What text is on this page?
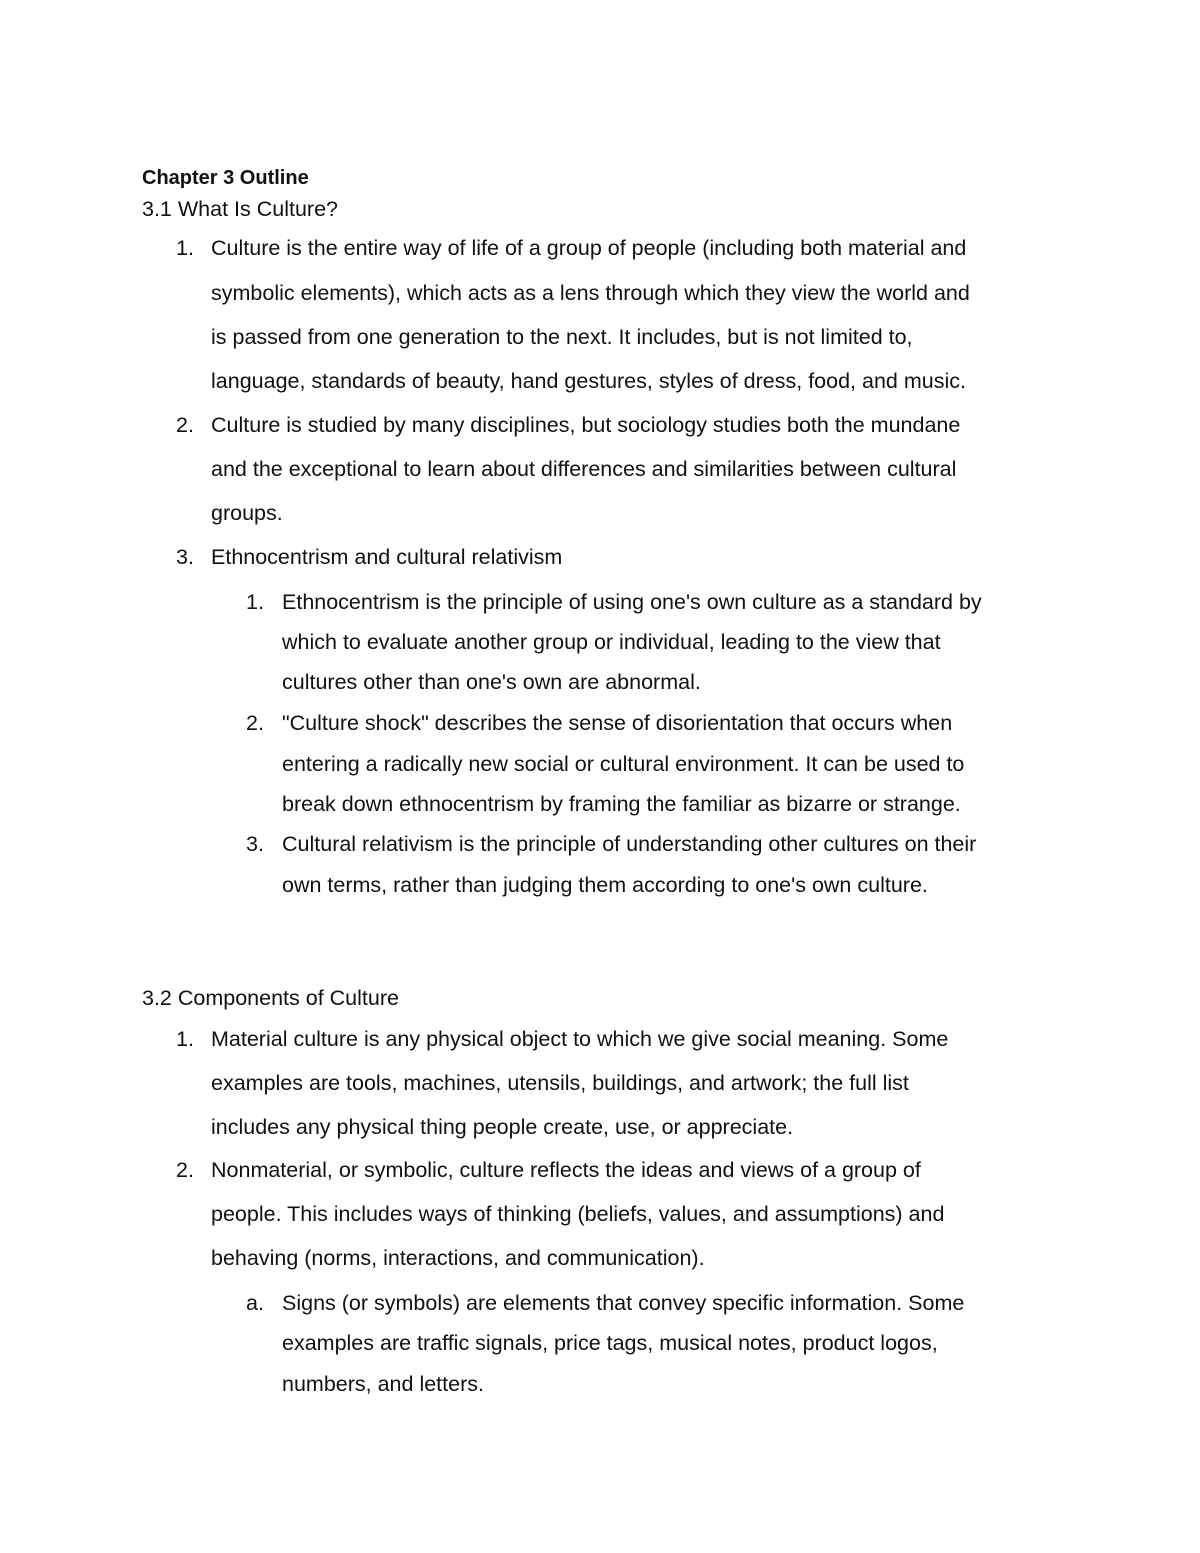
Chapter 3 Outline
3.1 What Is Culture?
1. Culture is the entire way of life of a group of people (including both material and
symbolic elements), which acts as a lens through which they view the world and
is passed from one generation to the next. It includes, but is not limited to,
language, standards of beauty, hand gestures, styles of dress, food, and music.
2. Culture is studied by many disciplines, but sociology studies both the mundane
and the exceptional to learn about differences and similarities between cultural
groups.
3. Ethnocentrism and cultural relativism
1. Ethnocentrism is the principle of using one's own culture as a standard by
which to evaluate another group or individual, leading to the view that
cultures other than one's own are abnormal.
2. "Culture shock" describes the sense of disorientation that occurs when
entering a radically new social or cultural environment. It can be used to
break down ethnocentrism by framing the familiar as bizarre or strange.
3. Cultural relativism is the principle of understanding other cultures on their
own terms, rather than judging them according to one's own culture.
3.2 Components of Culture
1. Material culture is any physical object to which we give social meaning. Some
examples are tools, machines, utensils, buildings, and artwork; the full list
includes any physical thing people create, use, or appreciate.
2. Nonmaterial, or symbolic, culture reflects the ideas and views of a group of
people. This includes ways of thinking (beliefs, values, and assumptions) and
behaving (norms, interactions, and communication).
a. Signs (or symbols) are elements that convey specific information. Some
examples are traffic signals, price tags, musical notes, product logos,
numbers, and letters.
